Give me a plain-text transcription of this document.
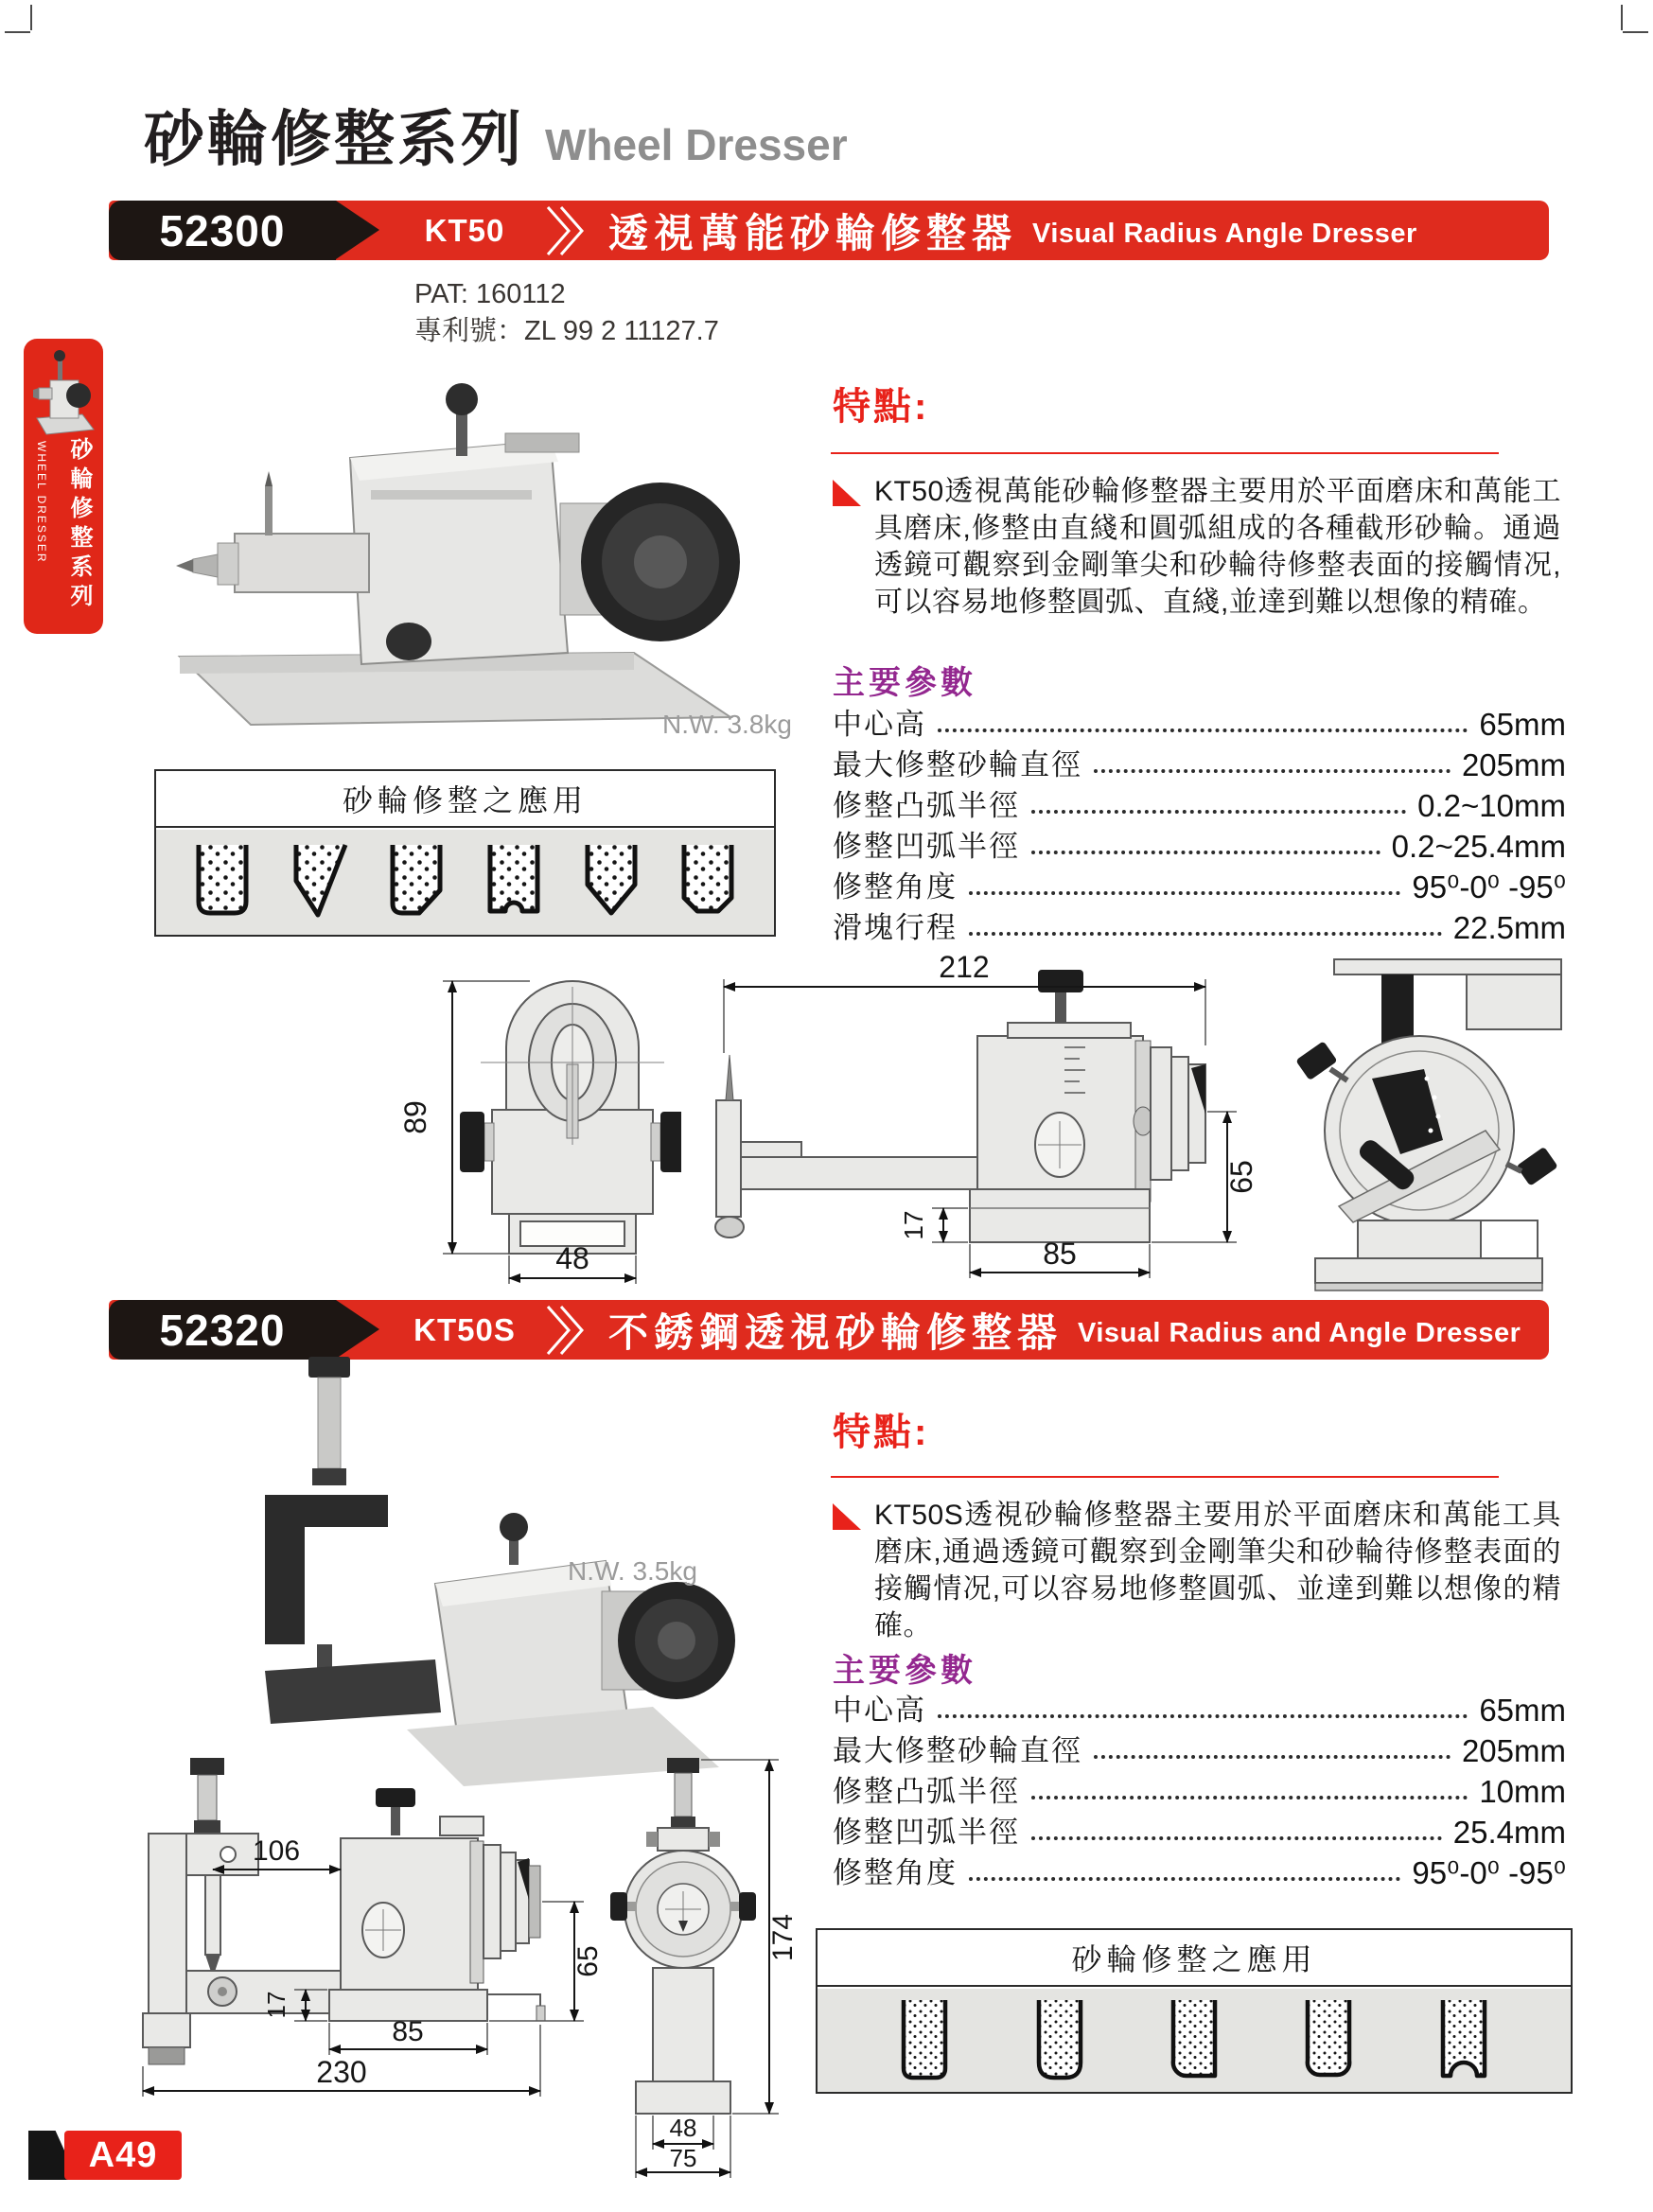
砂輪修整系列
WHEEL DRESSER
砂輪修整系列 Wheel Dresser
52300	KT50	透視萬能砂輪修整器 Visual Radius Angle Dresser
PAT: 160112
專利號：ZL 99 2 11127.7
N.W. 3.8kg
特點:
KT50透視萬能砂輪修整器主要用於平面磨床和萬能工具磨床,修整由直綫和圓弧組成的各種截形砂輪。通過透鏡可觀察到金剛筆尖和砂輪待修整表面的接觸情况,可以容易地修整圓弧、直綫,並達到難以想像的精確。
主要參數
中心高	65mm
最大修整砂輪直徑	205mm
修整凸弧半徑	0.2~10mm
修整凹弧半徑	0.2~25.4mm
修整角度	95⁰-0⁰ -95⁰
滑塊行程	22.5mm
砂輪修整之應用
89
48
212
65
17
85
52320	KT50S	不銹鋼透視砂輪修整器 Visual Radius and Angle Dresser
N.W. 3.5kg
特點:
KT50S透視砂輪修整器主要用於平面磨床和萬能工具磨床,通過透鏡可觀察到金剛筆尖和砂輪待修整表面的接觸情况,可以容易地修整圓弧、並達到難以想像的精確。
主要參數
中心高	65mm
最大修整砂輪直徑	205mm
修整凸弧半徑	10mm
修整凹弧半徑	25.4mm
修整角度	95⁰-0⁰ -95⁰
砂輪修整之應用
106
65
17
85
230
174
48
75
A49
